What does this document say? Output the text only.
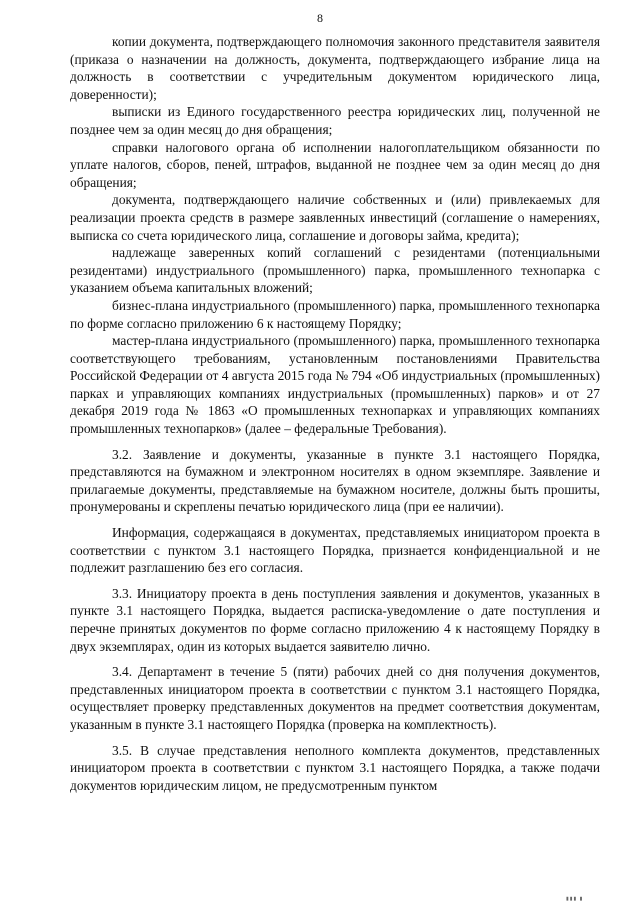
8

копии документа, подтверждающего полномочия законного представителя заявителя (приказа о назначении на должность, документа, подтверждающего избрание лица на должность в соответствии с учредительным документом юридического лица, доверенности);

выписки из Единого государственного реестра юридических лиц, полученной не позднее чем за один месяц до дня обращения;

справки налогового органа об исполнении налогоплательщиком обязанности по уплате налогов, сборов, пеней, штрафов, выданной не позднее чем за один месяц до дня обращения;

документа, подтверждающего наличие собственных и (или) привлекаемых для реализации проекта средств в размере заявленных инвестиций (соглашение о намерениях, выписка со счета юридического лица, соглашение и договоры займа, кредита);

надлежаще заверенных копий соглашений с резидентами (потенциальными резидентами) индустриального (промышленного) парка, промышленного технопарка с указанием объема капитальных вложений;

бизнес-плана индустриального (промышленного) парка, промышленного технопарка по форме согласно приложению 6 к настоящему Порядку;

мастер-плана индустриального (промышленного) парка, промышленного технопарка соответствующего требованиям, установленным постановлениями Правительства Российской Федерации от 4 августа 2015 года № 794 «Об индустриальных (промышленных) парках и управляющих компаниях индустриальных (промышленных) парков» и от 27 декабря 2019 года № 1863 «О промышленных технопарках и управляющих компаниях промышленных технопарков» (далее – федеральные Требования).

3.2. Заявление и документы, указанные в пункте 3.1 настоящего Порядка, представляются на бумажном и электронном носителях в одном экземпляре. Заявление и прилагаемые документы, представляемые на бумажном носителе, должны быть прошиты, пронумерованы и скреплены печатью юридического лица (при ее наличии).

Информация, содержащаяся в документах, представляемых инициатором проекта в соответствии с пунктом 3.1 настоящего Порядка, признается конфиденциальной и не подлежит разглашению без его согласия.

3.3. Инициатору проекта в день поступления заявления и документов, указанных в пункте 3.1 настоящего Порядка, выдается расписка-уведомление о дате поступления и перечне принятых документов по форме согласно приложению 4 к настоящему Порядку в двух экземплярах, один из которых выдается заявителю лично.

3.4. Департамент в течение 5 (пяти) рабочих дней со дня получения документов, представленных инициатором проекта в соответствии с пунктом 3.1 настоящего Порядка, осуществляет проверку представленных документов на предмет соответствия документам, указанным в пункте 3.1 настоящего Порядка (проверка на комплектность).

3.5. В случае представления неполного комплекта документов, представленных инициатором проекта в соответствии с пунктом 3.1 настоящего Порядка, а также подачи документов юридическим лицом, не предусмотренным пунктом

▮▮▮ ▮
